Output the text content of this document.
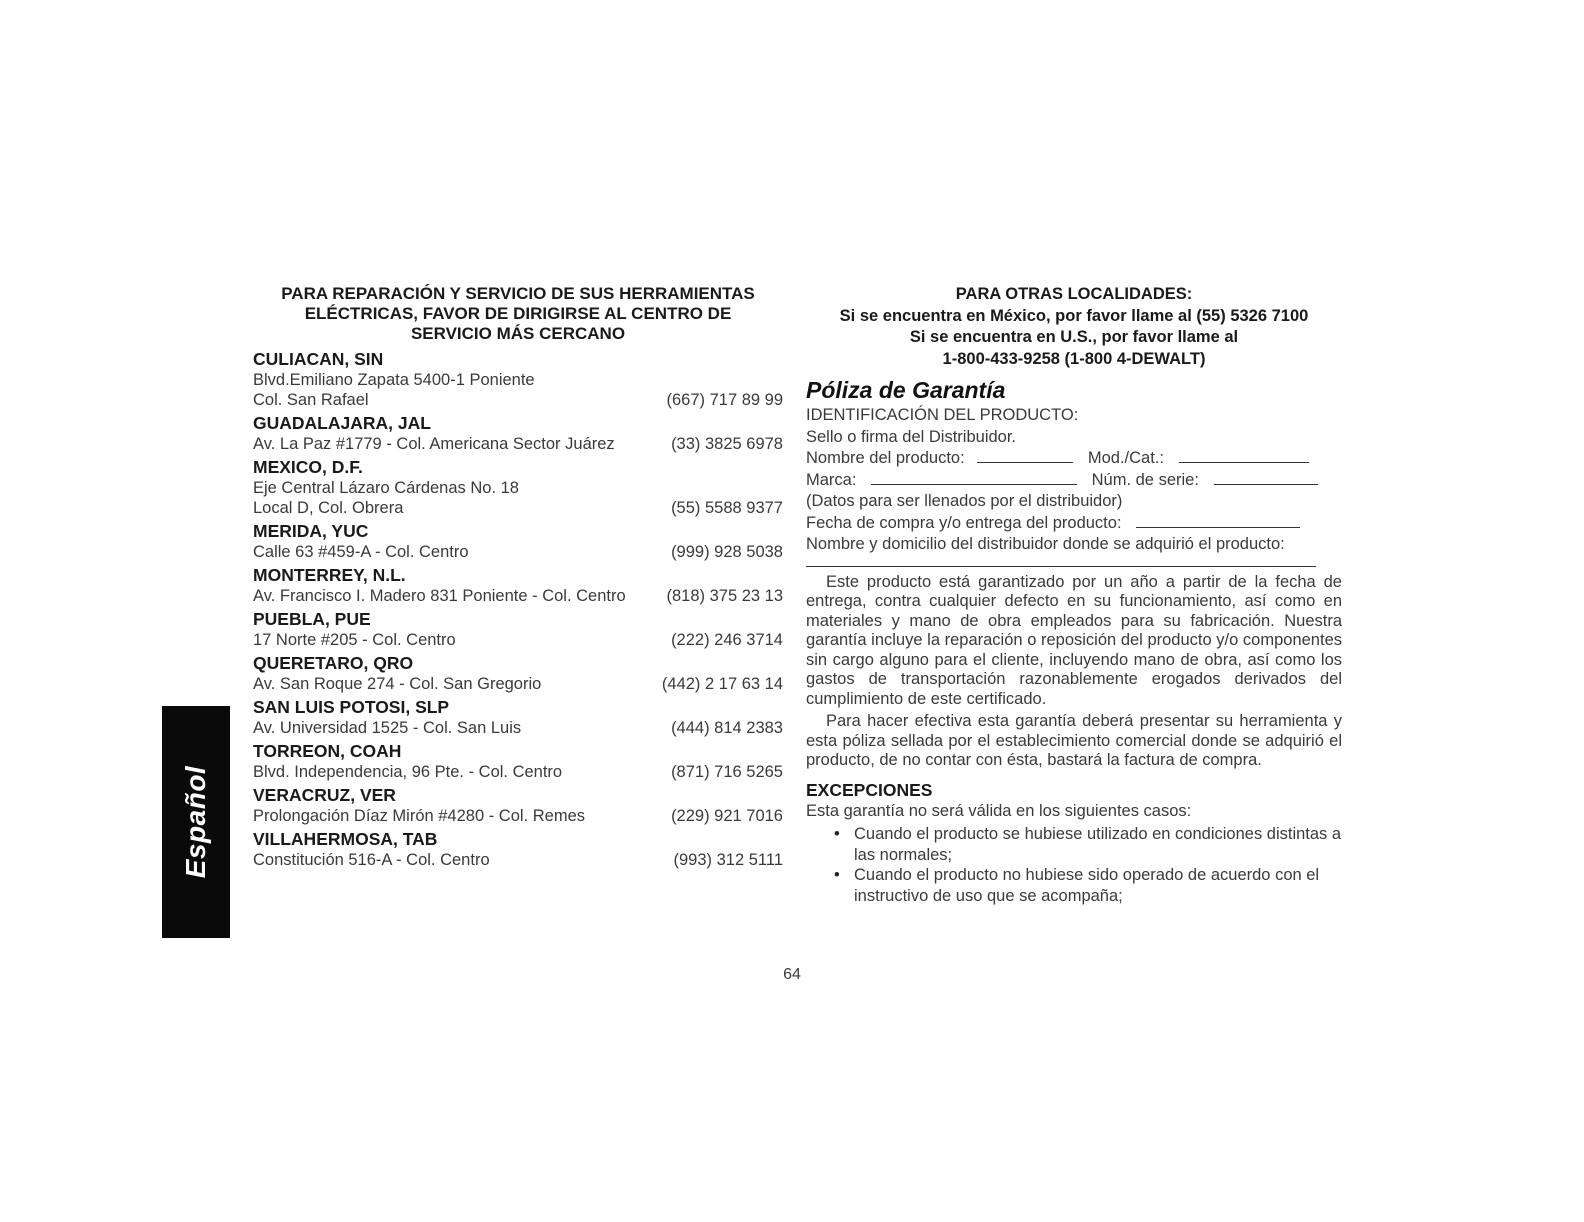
Español
PARA REPARACIÓN Y SERVICIO DE SUS HERRAMIENTAS
ELÉCTRICAS, FAVOR DE DIRIGIRSE AL CENTRO DE
SERVICIO MÁS CERCANO
CULIACAN, SIN
Blvd.Emiliano Zapata 5400-1 Poniente
Col. San Rafael	(667) 717 89 99
GUADALAJARA, JAL
Av. La Paz #1779 - Col. Americana Sector Juárez	(33) 3825 6978
MEXICO, D.F.
Eje Central Lázaro Cárdenas No. 18
Local D, Col. Obrera	(55) 5588 9377
MERIDA, YUC
Calle 63 #459-A - Col. Centro	(999) 928 5038
MONTERREY, N.L.
Av. Francisco I. Madero 831 Poniente - Col. Centro (818) 375 23 13
PUEBLA, PUE
17 Norte #205 - Col. Centro	(222) 246 3714
QUERETARO, QRO
Av. San Roque 274 - Col. San Gregorio	(442) 2 17 63 14
SAN LUIS POTOSI, SLP
Av. Universidad 1525 - Col. San Luis	(444) 814 2383
TORREON, COAH
Blvd. Independencia, 96 Pte. - Col. Centro	(871) 716 5265
VERACRUZ, VER
Prolongación Díaz Mirón #4280 - Col. Remes	(229) 921 7016
VILLAHERMOSA, TAB
Constitución 516-A - Col. Centro	(993) 312 5111
PARA OTRAS LOCALIDADES:
Si se encuentra en México, por favor llame al (55) 5326 7100
Si se encuentra en U.S., por favor llame al
1-800-433-9258 (1-800 4-DEWALT)
Póliza de Garantía
IDENTIFICACIÓN DEL PRODUCTO:
Sello o firma del Distribuidor.
Nombre del producto:	Mod./Cat.:
Marca:	Núm. de serie:
(Datos para ser llenados por el distribuidor)
Fecha de compra y/o entrega del producto:
Nombre y domicilio del distribuidor donde se adquirió el producto:
Este producto está garantizado por un año a partir de la fecha de entrega, contra cualquier defecto en su funcionamiento, así como en materiales y mano de obra empleados para su fabricación. Nuestra garantía incluye la reparación o reposición del producto y/o componentes sin cargo alguno para el cliente, incluyendo mano de obra, así como los gastos de transportación razonablemente erogados derivados del cumplimiento de este certificado.
Para hacer efectiva esta garantía deberá presentar su herramienta y esta póliza sellada por el establecimiento comercial donde se adquirió el producto, de no contar con ésta, bastará la factura de compra.
EXCEPCIONES
Esta garantía no será válida en los siguientes casos:
• Cuando el producto se hubiese utilizado en condiciones distintas a las normales;
• Cuando el producto no hubiese sido operado de acuerdo con el instructivo de uso que se acompaña;
64
